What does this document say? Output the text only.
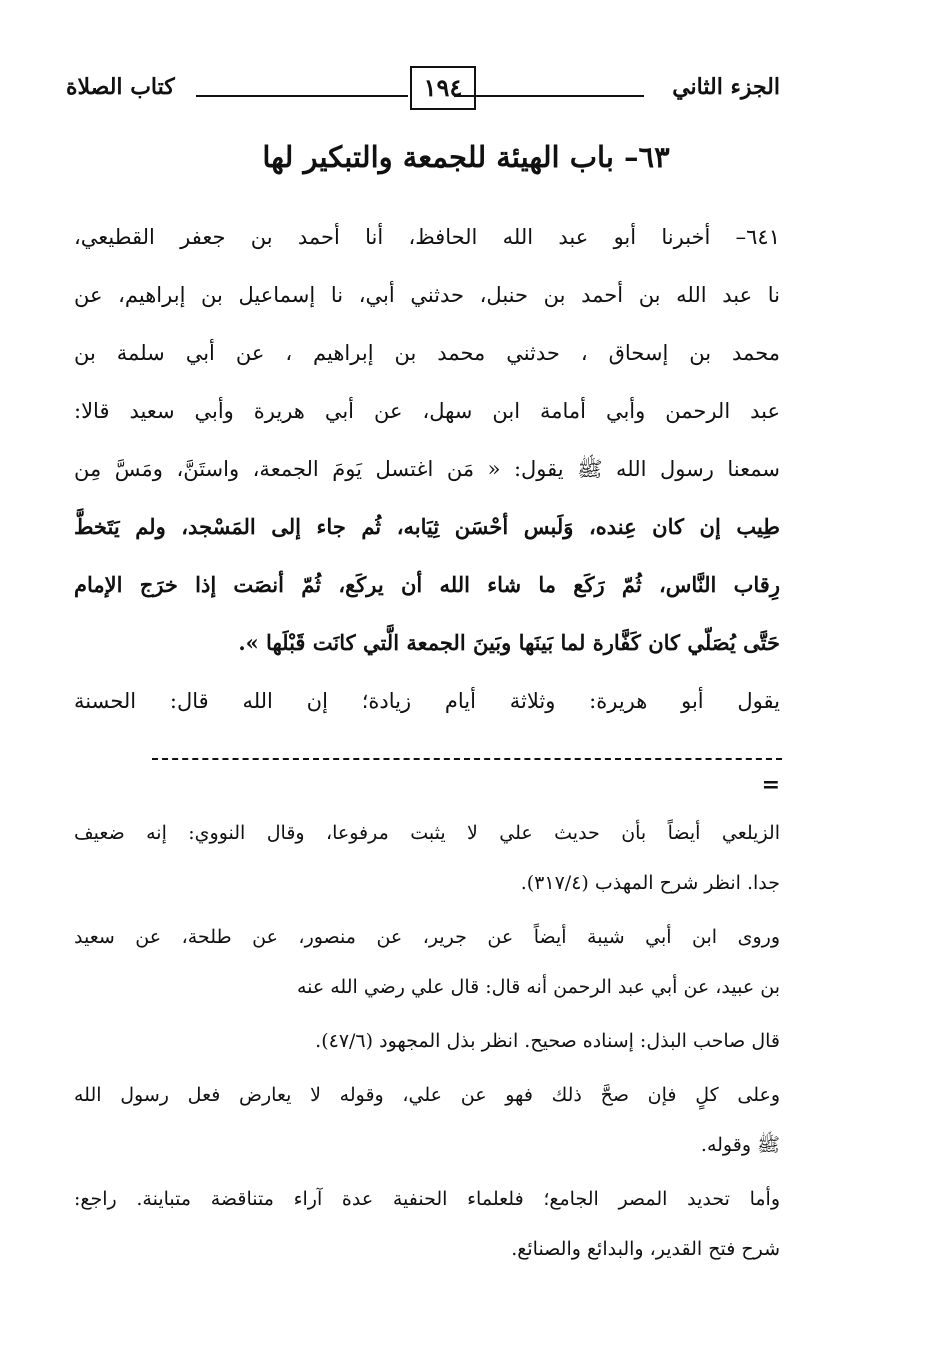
الجزء الثاني
١٩٤
كتاب الصلاة
٦٣– باب الهيئة للجمعة والتبكير لها
٦٤١– أخبرنا أبو عبد الله الحافظ، أنا أحمد بن جعفر القطيعي،
نا عبد الله بن أحمد بن حنبل، حدثني أبي، نا إسماعيل بن إبراهيم، عن
محمد بن إسحاق ، حدثني محمد بن إبراهيم ، عن أبي سلمة بن
عبد الرحمن وأبي أمامة ابن سهل، عن أبي هريرة وأبي سعيد قالا:
سمعنا رسول الله ﷺ يقول: « مَن اغتسل يَومَ الجمعة، واستَنَّ، ومَسَّ مِن
طِيب إن كان عِنده، وَلَبس أحْسَن ثِيَابه، ثُم جاء إلى المَسْجد، ولم يَتَخطَّ
رِقاب النَّاس، ثُمّ رَكَع ما شاء الله أن يركَع، ثُمّ أنصَت إذا خرَج الإمام
حَتَّى يُصَلّي كان كَفَّارة لما بَينَها وبَينَ الجمعة الَّتي كانَت قَبْلَها ».
يقول أبو هريرة: وثلاثة أيام زيادة؛ إن الله قال: الحسنة
=
الزيلعي أيضاً بأن حديث علي لا يثبت مرفوعا، وقال النووي: إنه ضعيف
جدا. انظر شرح المهذب (٣١٧/٤).
وروى ابن أبي شيبة أيضاً عن جرير، عن منصور، عن طلحة، عن سعيد
بن عبيد، عن أبي عبد الرحمن أنه قال: قال علي رضي الله عنه
قال صاحب البذل: إسناده صحيح. انظر بذل المجهود (٤٧/٦).
وعلى كلٍ فإن صحَّ ذلك فهو عن علي، وقوله لا يعارض فعل رسول الله
ﷺ وقوله.
وأما تحديد المصر الجامع؛ فلعلماء الحنفية عدة آراء متناقضة متباينة. راجع:
شرح فتح القدير، والبدائع والصنائع.
